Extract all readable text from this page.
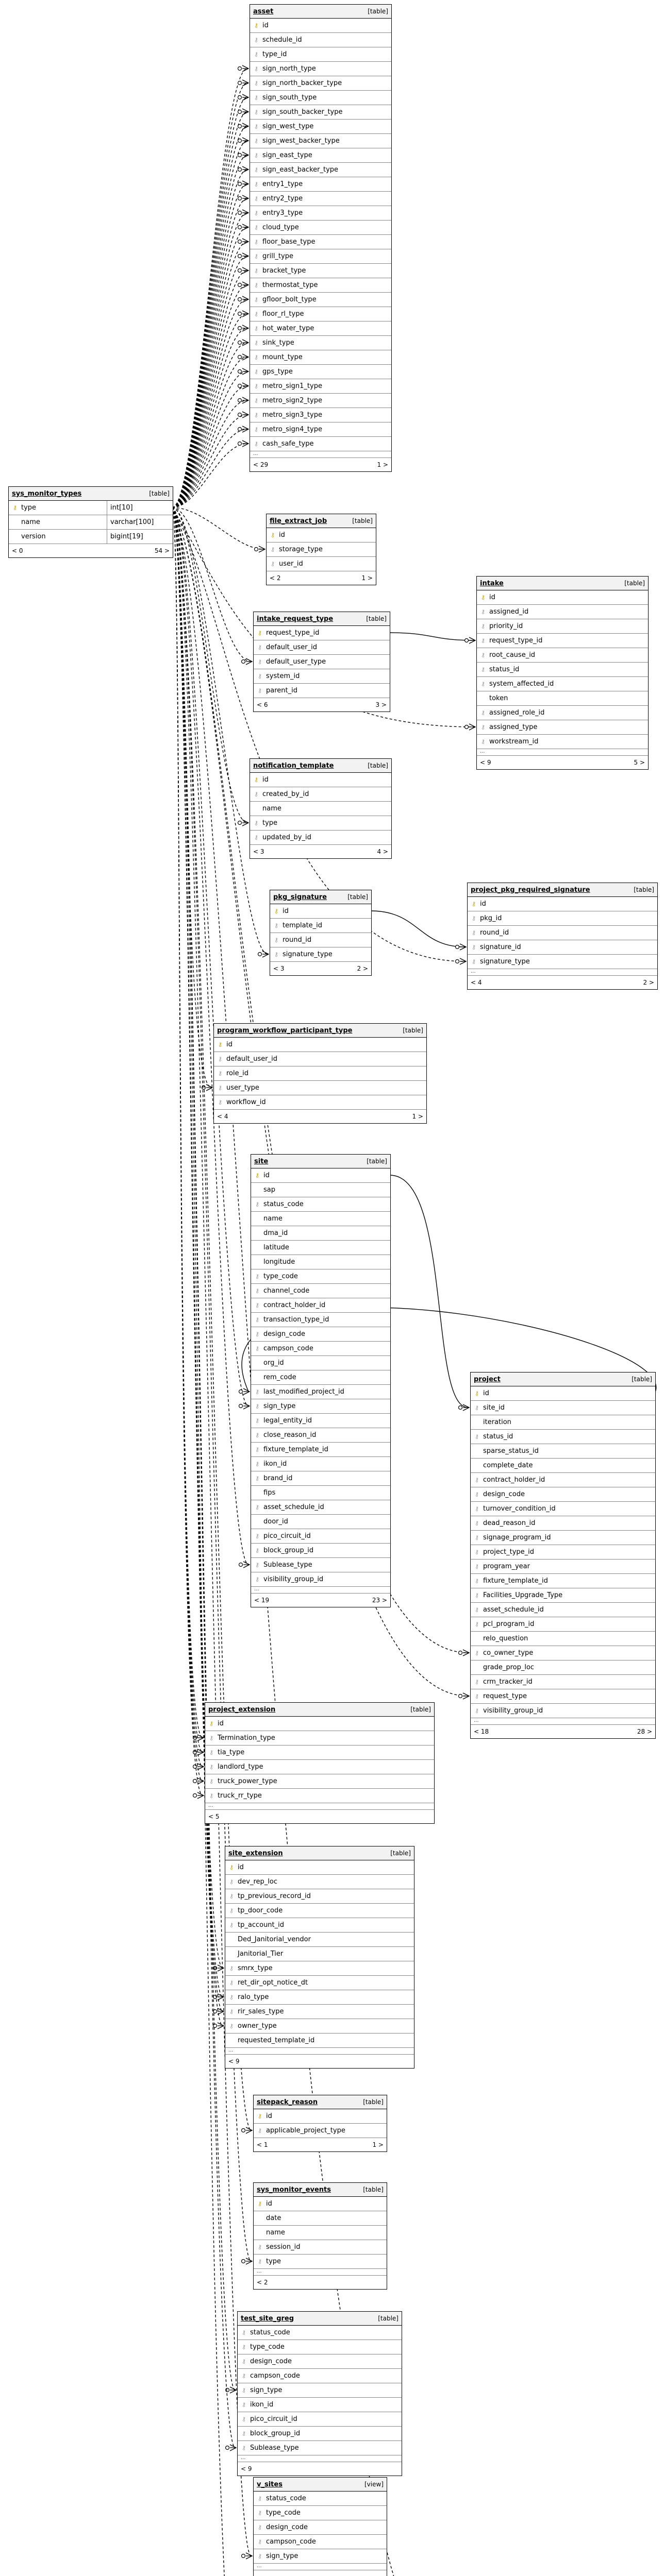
asset	[table]
⚷ id
⚷ schedule_id
⚷ type_id
⚷ sign_north_type
⚷ sign_north_backer_type
⚷ sign_south_type
⚷ sign_south_backer_type
⚷ sign_west_type
⚷ sign_west_backer_type
⚷ sign_east_type
⚷ sign_east_backer_type
⚷ entry1_type
⚷ entry2_type
⚷ entry3_type
⚷ cloud_type
⚷ floor_base_type
⚷ grill_type
⚷ bracket_type
⚷ thermostat_type
⚷ gfloor_bolt_type
⚷ floor_rl_type
⚷ hot_water_type
⚷ sink_type
⚷ mount_type
⚷ gps_type
⚷ metro_sign1_type
⚷ metro_sign2_type
⚷ metro_sign3_type
⚷ metro_sign4_type
⚷ cash_safe_type
...
< 29	1 >
sys_monitor_types	[table]
⚷ type	int[10]
name	varchar[100]
version	bigint[19]
< 0	54 >
file_extract_job	[table]
⚷ id
⚷ storage_type
⚷ user_id
< 2	1 >
intake	[table]
⚷ id
⚷ assigned_id
⚷ priority_id
⚷ request_type_id
⚷ root_cause_id
⚷ status_id
⚷ system_affected_id
token
⚷ assigned_role_id
⚷ assigned_type
⚷ workstream_id
...
< 9	5 >
intake_request_type	[table]
⚷ request_type_id
⚷ default_user_id
⚷ default_user_type
⚷ system_id
⚷ parent_id
< 6	3 >
notification_template	[table]
⚷ id
⚷ created_by_id
name
⚷ type
⚷ updated_by_id
< 3	4 >
pkg_signature	[table]
⚷ id
⚷ template_id
⚷ round_id
⚷ signature_type
< 3	2 >
project_pkg_required_signature	[table]
⚷ id
⚷ pkg_id
⚷ round_id
⚷ signature_id
⚷ signature_type
...
< 4	2 >
program_workflow_participant_type	[table]
⚷ id
⚷ default_user_id
⚷ role_id
⚷ user_type
⚷ workflow_id
< 4	1 >
site	[table]
⚷ id
sap
⚷ status_code
name
dma_id
latitude
longitude
⚷ type_code
⚷ channel_code
⚷ contract_holder_id
⚷ transaction_type_id
⚷ design_code
⚷ campson_code
org_id
rem_code
⚷ last_modified_project_id
⚷ sign_type
⚷ legal_entity_id
⚷ close_reason_id
⚷ fixture_template_id
⚷ ikon_id
⚷ brand_id
fips
⚷ asset_schedule_id
door_id
⚷ pico_circuit_id
⚷ block_group_id
⚷ Sublease_type
⚷ visibility_group_id
...
< 19	23 >
project	[table]
⚷ id
⚷ site_id
iteration
⚷ status_id
sparse_status_id
complete_date
⚷ contract_holder_id
⚷ design_code
⚷ turnover_condition_id
⚷ dead_reason_id
⚷ signage_program_id
⚷ project_type_id
⚷ program_year
⚷ fixture_template_id
⚷ Facilities_Upgrade_Type
⚷ asset_schedule_id
⚷ pcl_program_id
relo_question
⚷ co_owner_type
grade_prop_loc
⚷ crm_tracker_id
⚷ request_type
⚷ visibility_group_id
...
< 18	28 >
project_extension	[table]
⚷ id
⚷ Termination_type
⚷ tia_type
⚷ landlord_type
⚷ truck_power_type
⚷ truck_rr_type
...
< 5
site_extension	[table]
⚷ id
⚷ dev_rep_loc
⚷ tp_previous_record_id
⚷ tp_door_code
⚷ tp_account_id
Ded_Janitorial_vendor
Janitorial_Tier
⚷ smrx_type
⚷ ret_dir_opt_notice_dt
⚷ ralo_type
⚷ rir_sales_type
⚷ owner_type
requested_template_id
...
< 9
sitepack_reason	[table]
⚷ id
⚷ applicable_project_type
< 1	1 >
sys_monitor_events	[table]
⚷ id
date
name
⚷ session_id
⚷ type
...
< 2
test_site_greg	[table]
⚷ status_code
⚷ type_code
⚷ design_code
⚷ campson_code
⚷ sign_type
⚷ ikon_id
⚷ pico_circuit_id
⚷ block_group_id
⚷ Sublease_type
...
< 9
v_sites	[view]
⚷ status_code
⚷ type_code
⚷ design_code
⚷ campson_code
⚷ sign_type
...
